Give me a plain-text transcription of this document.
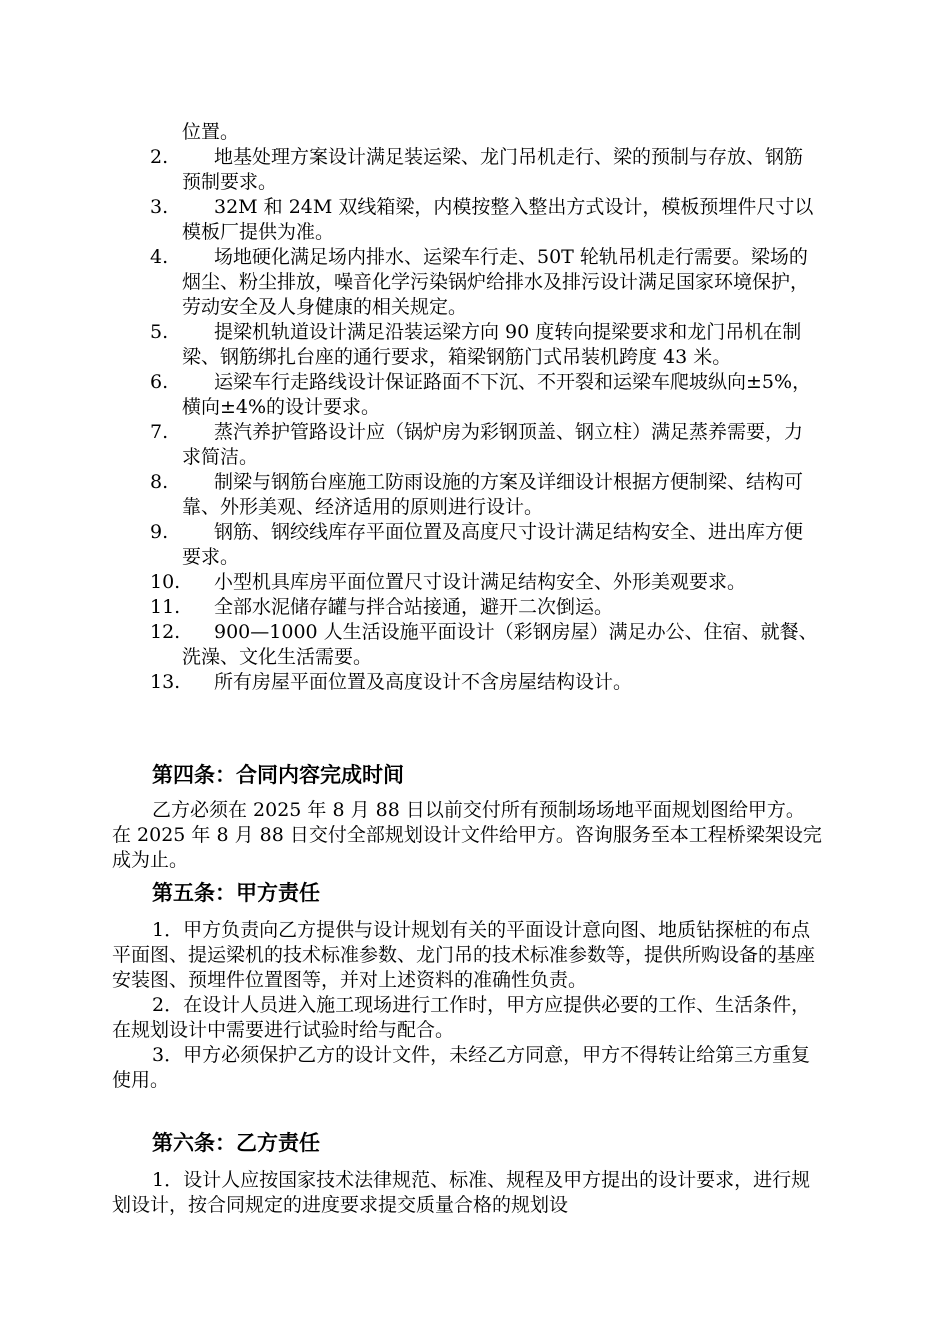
位置。
2.	地基处理方案设计满足装运梁、龙门吊机走行、梁的预制与存放、钢筋预制要求。
3.	32M 和 24M 双线箱梁，内模按整入整出方式设计，模板预埋件尺寸以模板厂提供为准。
4.	场地硬化满足场内排水、运梁车行走、50T 轮轨吊机走行需要。梁场的烟尘、粉尘排放，噪音化学污染锅炉给排水及排污设计满足国家环境保护，劳动安全及人身健康的相关规定。
5.	提梁机轨道设计满足沿装运梁方向 90 度转向提梁要求和龙门吊机在制梁、钢筋绑扎台座的通行要求，箱梁钢筋门式吊装机跨度 43 米。
6.	运梁车行走路线设计保证路面不下沉、不开裂和运梁车爬坡纵向±5%，横向±4%的设计要求。
7.	蒸汽养护管路设计应（锅炉房为彩钢顶盖、钢立柱）满足蒸养需要，力求简洁。
8.	制梁与钢筋台座施工防雨设施的方案及详细设计根据方便制梁、结构可靠、外形美观、经济适用的原则进行设计。
9.	钢筋、钢绞线库存平面位置及高度尺寸设计满足结构安全、进出库方便要求。
10.	小型机具库房平面位置尺寸设计满足结构安全、外形美观要求。
11.	全部水泥储存罐与拌合站接通，避开二次倒运。
12.	900—1000 人生活设施平面设计（彩钢房屋）满足办公、住宿、就餐、洗澡、文化生活需要。
13.	所有房屋平面位置及高度设计不含房屋结构设计。
第四条：合同内容完成时间

乙方必须在 2025 年 8 月 88 日以前交付所有预制场场地平面规划图给甲方。在 2025 年 8 月 88 日交付全部规划设计文件给甲方。咨询服务至本工程桥梁架设完成为止。

第五条：甲方责任

1．甲方负责向乙方提供与设计规划有关的平面设计意向图、地质钻探桩的布点平面图、提运梁机的技术标准参数、龙门吊的技术标准参数等，提供所购设备的基座安装图、预埋件位置图等，并对上述资料的准确性负责。

2．在设计人员进入施工现场进行工作时，甲方应提供必要的工作、生活条件，在规划设计中需要进行试验时给与配合。

3．甲方必须保护乙方的设计文件，未经乙方同意，甲方不得转让给第三方重复使用。

第六条：乙方责任

1．设计人应按国家技术法律规范、标准、规程及甲方提出的设计要求，进行规划设计，按合同规定的进度要求提交质量合格的规划设
